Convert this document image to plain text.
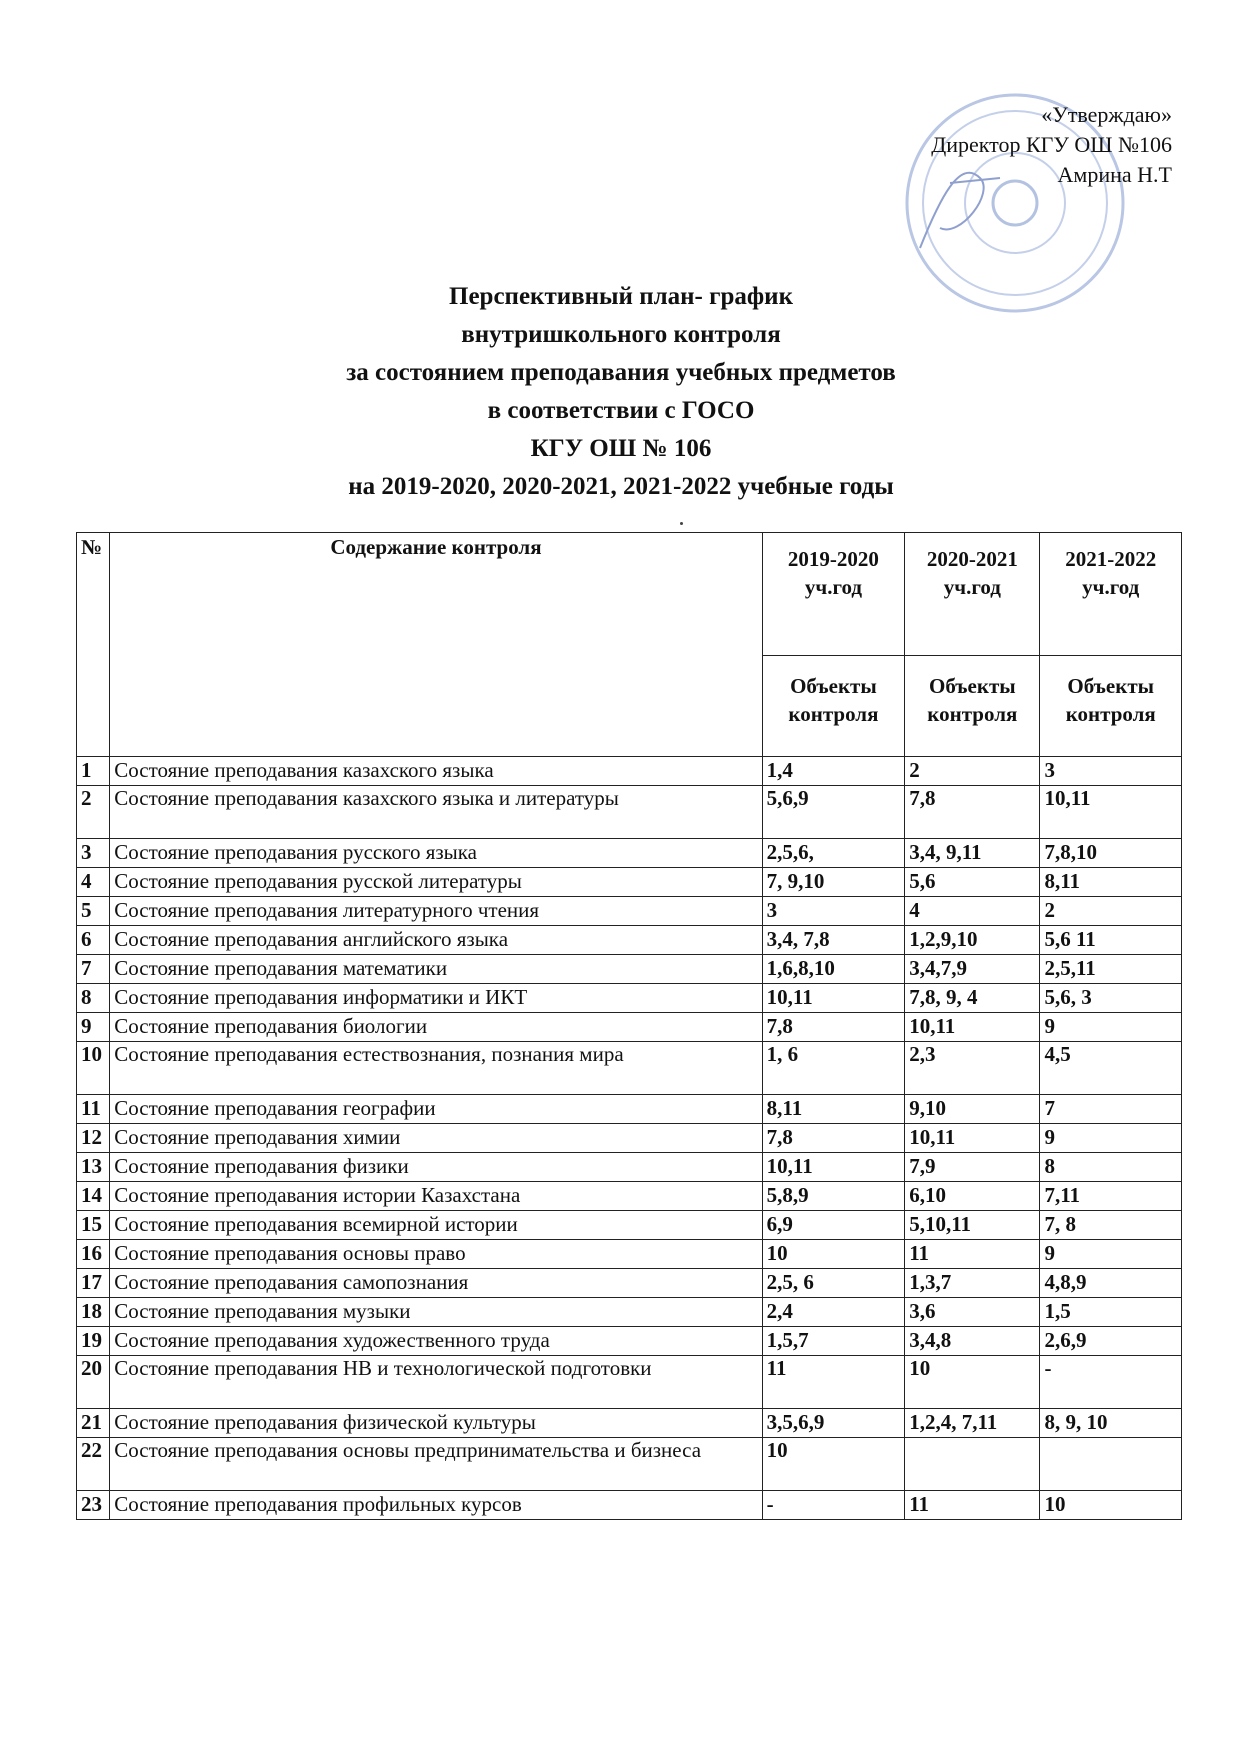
«Утверждаю»
Директор КГУ ОШ №106
Амрина Н.Т
Перспективный план- график
внутришкольного контроля
за состоянием преподавания учебных предметов
в соответствии с ГОСО
КГУ ОШ № 106
на 2019-2020, 2020-2021, 2021-2022 учебные годы
№	Содержание контроля	2019-2020 уч.год	2020-2021 уч.год	2021-2022 уч.год
		Объекты контроля	Объекты контроля	Объекты контроля
1	Состояние преподавания казахского языка	1,4	2	3
2	Состояние преподавания казахского языка и литературы	5,6,9	7,8	10,11
3	Состояние преподавания русского языка	2,5,6,	3,4, 9,11	7,8,10
4	Состояние преподавания русской литературы	7, 9,10	5,6	8,11
5	Состояние преподавания литературного чтения	3	4	2
6	Состояние преподавания английского языка	3,4, 7,8	1,2,9,10	5,6 11
7	Состояние преподавания математики	1,6,8,10	3,4,7,9	2,5,11
8	Состояние преподавания информатики и ИКТ	10,11	7,8, 9, 4	5,6, 3
9	Состояние преподавания биологии	7,8	10,11	9
10	Состояние преподавания естествознания, познания мира	1, 6	2,3	4,5
11	Состояние преподавания географии	8,11	9,10	7
12	Состояние преподавания химии	7,8	10,11	9
13	Состояние преподавания физики	10,11	7,9	8
14	Состояние преподавания истории Казахстана	5,8,9	6,10	7,11
15	Состояние преподавания всемирной истории	6,9	5,10,11	7, 8
16	Состояние преподавания основы право	10	11	9
17	Состояние преподавания самопознания	2,5, 6	1,3,7	4,8,9
18	Состояние преподавания музыки	2,4	3,6	1,5
19	Состояние преподавания художественного труда	1,5,7	3,4,8	2,6,9
20	Состояние преподавания НВ и технологической подготовки	11	10	-
21	Состояние преподавания физической культуры	3,5,6,9	1,2,4, 7,11	8, 9, 10
22	Состояние преподавания основы предпринимательства и бизнеса	10		
23	Состояние преподавания профильных курсов	-	11	10
